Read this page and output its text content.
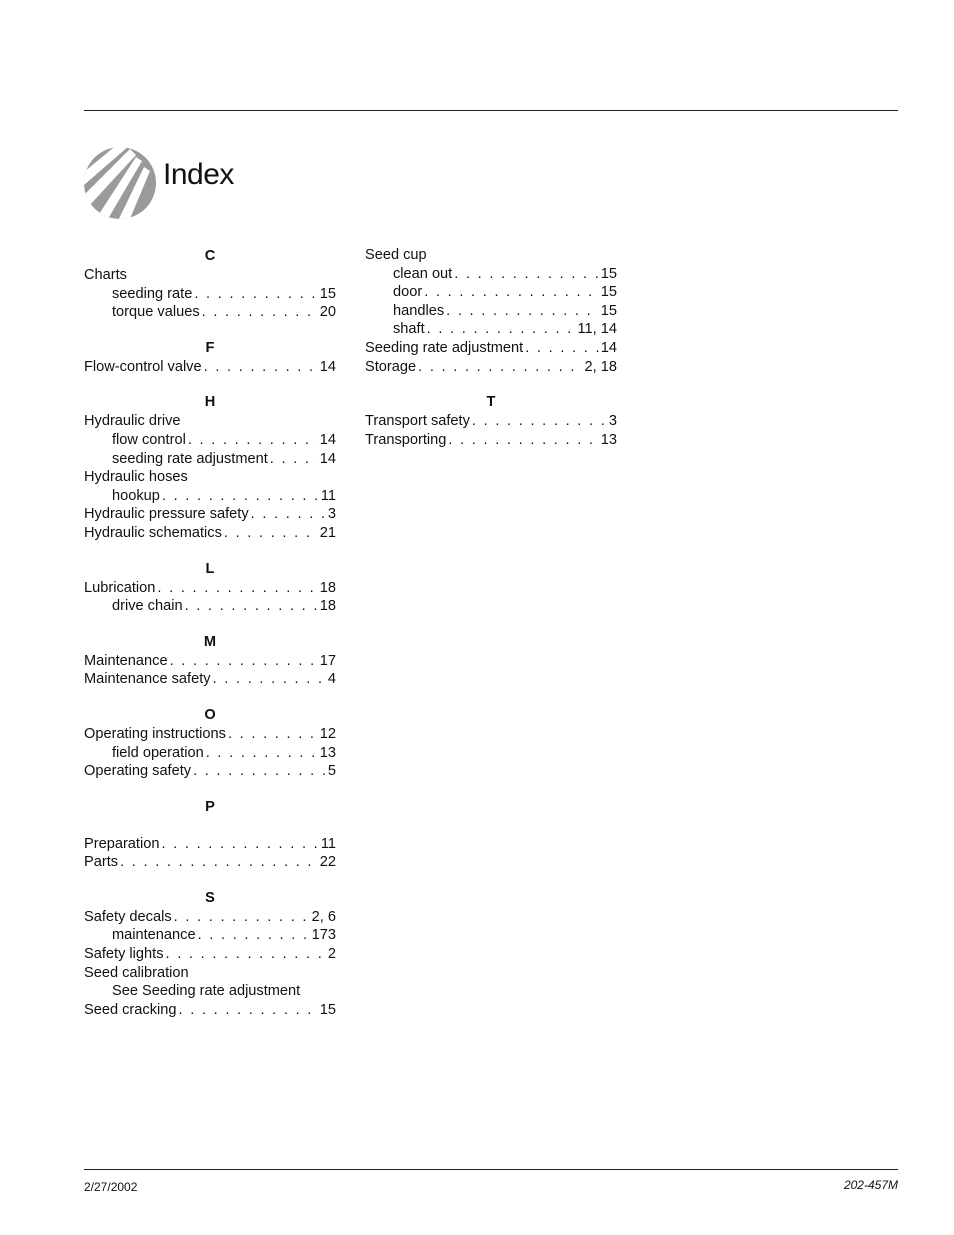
Index
C
Charts
seeding rate . . .	15
torque values . . .	20
F
Flow-control valve . . .	14
H
Hydraulic drive
flow control . . .	14
seeding rate adjustment . . .	14
Hydraulic hoses
hookup . . .	11
Hydraulic pressure safety . . .	3
Hydraulic schematics . . .	21
L
Lubrication . . .	18
drive chain . . .	18
M
Maintenance . . .	17
Maintenance safety . . .	4
O
Operating instructions . . .	12
field operation . . .	13
Operating safety . . .	5
P
Preparation . . .	11
Parts . . .	22
S
Safety decals . . .	2, 6
maintenance . . .	173
Safety lights . . .	2
Seed calibration
See Seeding rate adjustment
Seed cracking . . .	15
Seed cup
clean out . . .	15
door . . .	15
handles . . .	15
shaft . . .	11, 14
Seeding rate adjustment . . .	14
Storage . . .	2, 18
T
Transport safety . . .	3
Transporting . . .	13
2/27/2002	202-457M
